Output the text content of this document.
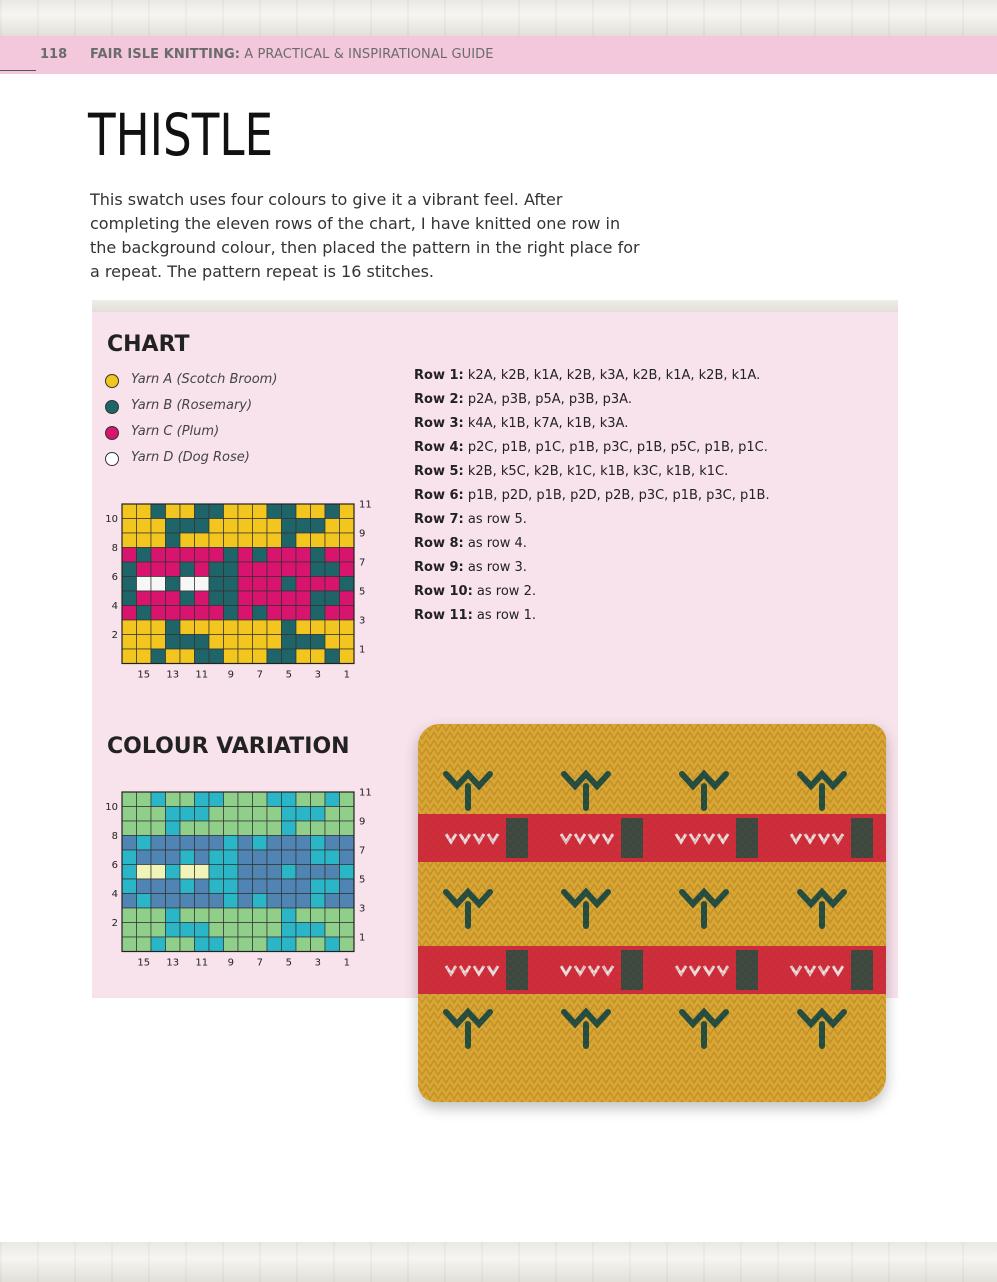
118 FAIR ISLE KNITTING: A PRACTICAL & INSPIRATIONAL GUIDE
THISTLE

This swatch uses four colours to give it a vibrant feel. After

completing the eleven rows of the chart, I have knitted one row in

the background colour, then placed the pattern in the right place for

a repeat. The pattern repeat is 16 stitches.

CHART
Yarn A (Scotch Broom)
Yarn B (Rosemary)
Yarn C (Plum)
Yarn D (Dog Rose)
11
9
7
5
3
1
10
8
6
4
2
15 13 11 9 7 5 3 1
Row 1: k2A, k2B, k1A, k2B, k3A, k2B, k1A, k2B, k1A.
Row 2: p2A, p3B, p5A, p3B, p3A.
Row 3: k4A, k1B, k7A, k1B, k3A.
Row 4: p2C, p1B, p1C, p1B, p3C, p1B, p5C, p1B, p1C.
Row 5: k2B, k5C, k2B, k1C, k1B, k3C, k1B, k1C.
Row 6: p1B, p2D, p1B, p2D, p2B, p3C, p1B, p3C, p1B.
Row 7: as row 5.
Row 8: as row 4.
Row 9: as row 3.
Row 10: as row 2.
Row 11: as row 1.
COLOUR VARIATION
11
9
7
5
3
1
10
8
6
4
2
15 13 11 9 7 5 3 1
